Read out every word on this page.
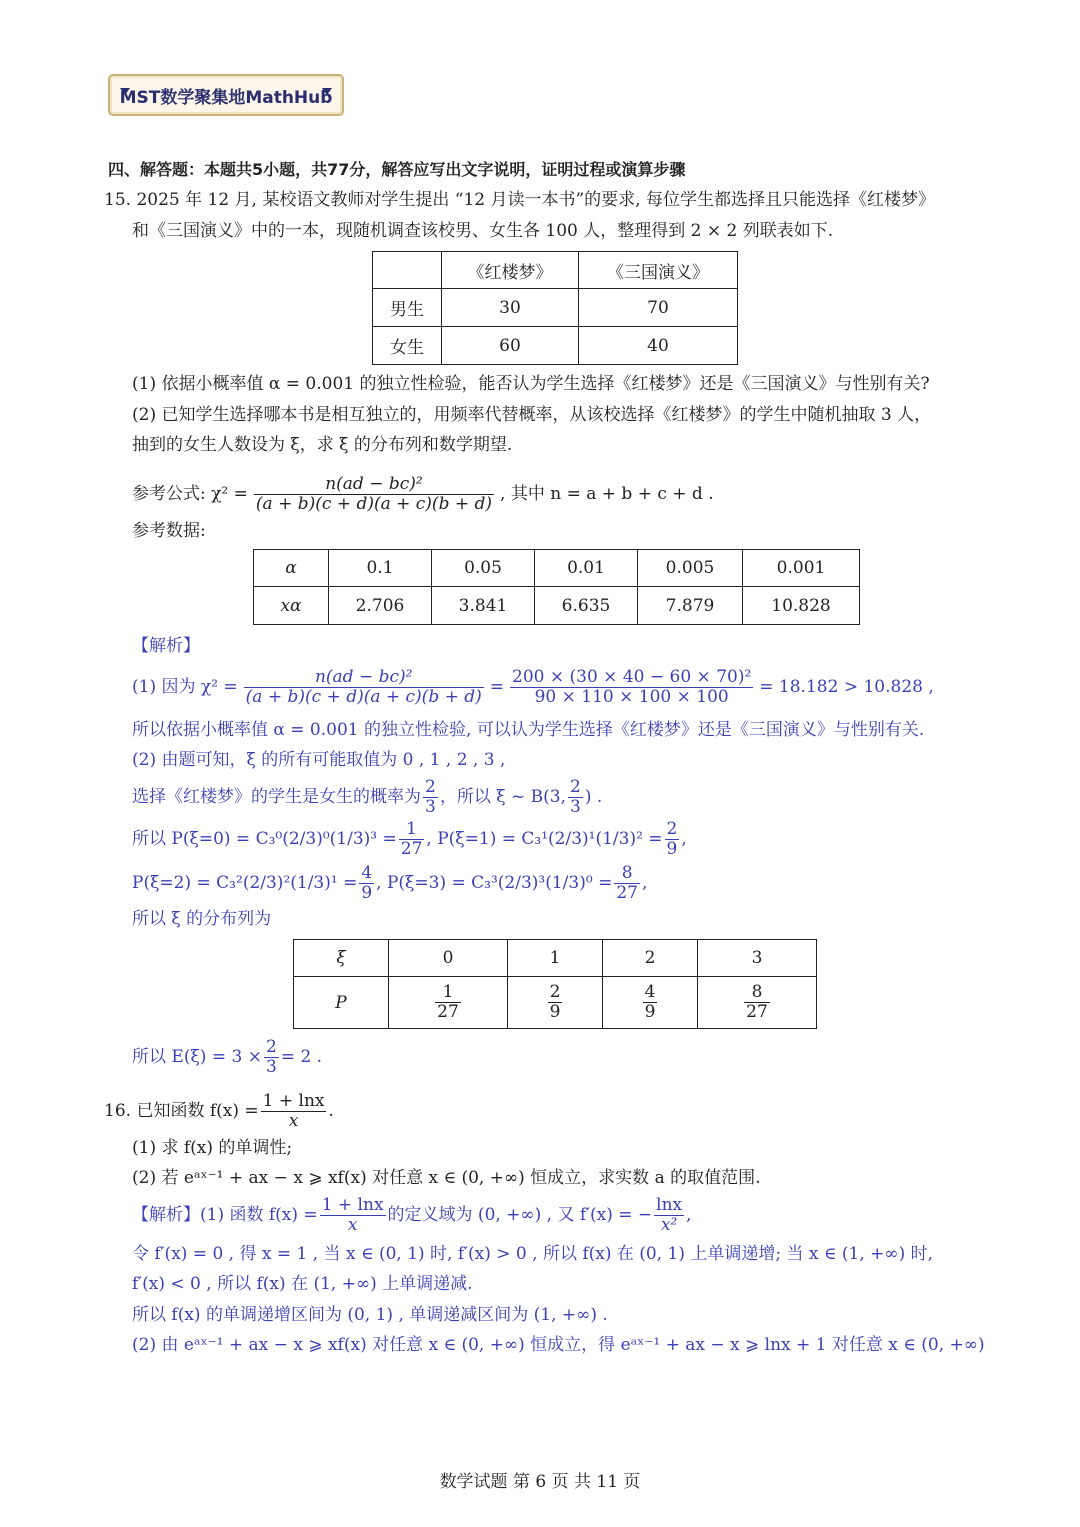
MST数学聚集地MathHub
四、解答题：本题共5小题，共77分，解答应写出文字说明，证明过程或演算步骤
15. 2025 年 12 月, 某校语文教师对学生提出 “12 月读一本书”的要求, 每位学生都选择且只能选择《红楼梦》
和《三国演义》中的一本，现随机调查该校男、女生各 100 人，整理得到 2 × 2 列联表如下.
	《红楼梦》	《三国演义》
男生	30	70
女生	60	40
(1) 依据小概率值 α = 0.001 的独立性检验，能否认为学生选择《红楼梦》还是《三国演义》与性别有关?
(2) 已知学生选择哪本书是相互独立的，用频率代替概率，从该校选择《红楼梦》的学生中随机抽取 3 人，
抽到的女生人数设为 ξ，求 ξ 的分布列和数学期望.
参考公式: $\chi^2 = \frac{\text{n(ad − bc)²}}{(a + b)(c + d)(a + c)(b + d)}$ , 其中 n = a + b + c + d .
参考数据:
α	0.1	0.05	0.01	0.005	0.001
xα	2.706	3.841	6.635	7.879	10.828
【解析】
(1) 因为 $\chi^2 = \frac{\text{n(ad − bc)²}}{(a + b)(c + d)(a + c)(b + d)} = \frac{\text{200 × (30 × 40 − 60 × 70)²}}{90 \times 110 \times 100 \times 100} = 18.182 > 10.828$ ,
所以依据小概率值 α = 0.001 的独立性检验, 可以认为学生选择《红楼梦》还是《三国演义》与性别有关.
(2) 由题可知，ξ 的所有可能取值为 0 , 1 , 2 , 3 ,
选择《红楼梦》的学生是女生的概率为 $\frac{2}{3}$ ，所以 ξ ~ B(3, $\frac{2}{3}$ ) .
所以 $P(\xi=0) = C_3^0(2/3)^0(1/3)^3 = \frac{1}{27}$ , $P(\xi=1) = C_3^1(2/3)^1(1/3)^2 = \frac{2}{9}$ ,
$P(\xi=2) = C_3^2(2/3)^2(1/3)^1 = \frac{4}{9}$ , $P(\xi=3) = C_3^3(2/3)^3(1/3)^0 = \frac{8}{27}$ ,
所以 ξ 的分布列为
ξ	0	1	2	3
P	$\frac{1}{27}$	$\frac{2}{9}$	$\frac{4}{9}$	$\frac{8}{27}$
所以 $E(\xi) = 3 \times \frac{2}{3} = 2$ .
16. 已知函数 $f(x) = \frac{1 + \ln x}{x}$ .
(1) 求 f(x) 的单调性;
(2) 若 eᵃˣ⁻¹ + ax − x ⩾ xf(x) 对任意 x ∈ (0, +∞) 恒成立，求实数 a 的取值范围.
【解析】(1) 函数 $f(x) = \frac{1 + \ln x}{x}$ 的定义域为 (0, +∞) , 又 f′(x) = − $\frac{\ln x}{\text{x²}}$ ,
令 f′(x) = 0 , 得 x = 1 , 当 x ∈ (0, 1) 时, f′(x) > 0 , 所以 f(x) 在 (0, 1) 上单调递增; 当 x ∈ (1, +∞) 时,
f′(x) < 0 , 所以 f(x) 在 (1, +∞) 上单调递减.
所以 f(x) 的单调递增区间为 (0, 1) , 单调递减区间为 (1, +∞) .
(2) 由 eᵃˣ⁻¹ + ax − x ⩾ xf(x) 对任意 x ∈ (0, +∞) 恒成立，得 eᵃˣ⁻¹ + ax − x ⩾ lnx + 1 对任意 x ∈ (0, +∞)
数学试题 第 6 页 共 11 页
